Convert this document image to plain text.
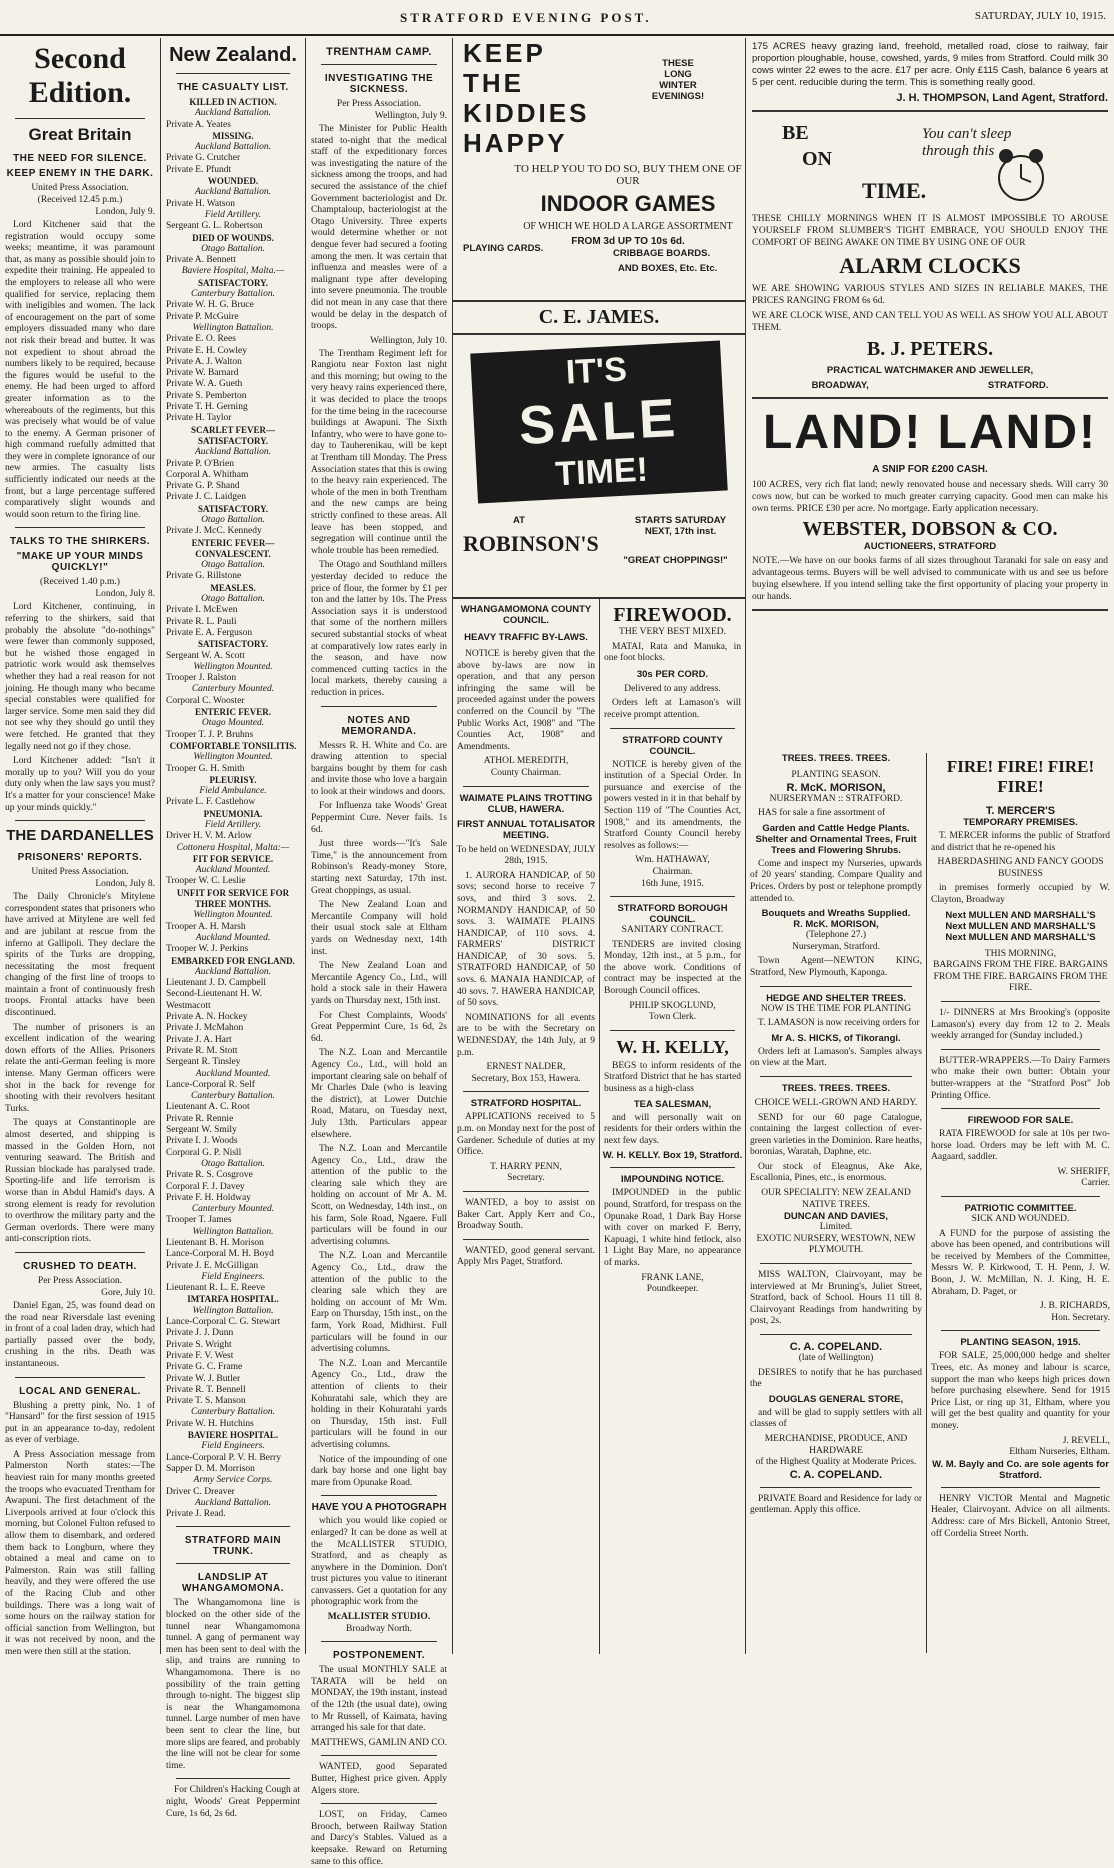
STRATFORD EVENING POST.	SATURDAY, JULY 10, 1915.
Second Edition.
Great Britain
THE NEED FOR SILENCE.
KEEP ENEMY IN THE DARK.
United Press Association.
(Received 12.45 p.m.)
London, July 9.

Lord Kitchener said that the registration would occupy some weeks; meantime, it was paramount that, as many as possible should join to expedite their training. He appealed to the employers to release all who were qualified for service, replacing them with ineligibles and women. The lack of encouragement on the part of some employers dissuaded many who dare not risk their bread and butter. It was not expedient to shout abroad the numbers likely to be required, because the figures would be useful to the enemy. He had been urged to afford greater information as to the whereabouts of the regiments, but this was precisely what would be of value to the enemy. A German prisoner of high command ruefully admitted that they were in complete ignorance of our new armies. The casualty lists sufficiently indicated our needs at the front, but a large percentage suffered comparatively slight wounds and would soon return to the firing line.

TALKS TO THE SHIRKERS.
"MAKE UP YOUR MINDS QUICKLY!"
(Received 1.40 p.m.)
London, July 8.

Lord Kitchener, continuing, in referring to the shirkers, said that probably the absolute "do-nothings" were fewer than commonly supposed, but he wished those engaged in patriotic work would ask themselves whether they had a real reason for not joining. He though many who became special constables were qualified for larger service. Some men said they did not see why they should go until they were fetched. He granted that they legally need not go if they chose.

Lord Kitchener added: "Isn't it morally up to you? Will you do your duty only when the law says you must? It's a matter for your conscience! Make up your minds quickly."

THE DARDANELLES
PRISONERS' REPORTS.
United Press Association.
London, July 8.

The Daily Chronicle's Mitylene correspondent states that prisoners who have arrived at Mitylene are well fed and are jubilant at rescue from the inferno at Gallipoli. They declare the spirits of the Turks are dropping, necessitating the most frequent changing of the first line of troops to maintain a front of continuously fresh troops. Frontal attacks have been discontinued.

The number of prisoners is an excellent indication of the wearing down efforts of the Allies. Prisoners relate the anti-German feeling is more intense. Many German officers were shot in the back for revenge for shooting with their revolvers hesitant Turks.

The quays at Constantinople are almost deserted, and shipping is massed in the Golden Horn, not venturing seaward. The British and Russian blockade has paralysed trade. Sporting-life and life terrorism is worse than in Abdul Hamid's days. A strong element is ready for revolution to overthrow the military party and the German overlords. There were many anti-conscription riots.

CRUSHED TO DEATH.
Per Press Association.
Gore, July 10.

Daniel Egan, 25, was found dead on the road near Riversdale last evening in front of a coal laden dray, which had partially passed over the body, crushing in the ribs. Death was instantaneous.

LOCAL AND GENERAL.

Blushing a pretty pink, No. 1 of "Hansard" for the first session of 1915 put in an appearance to-day, redolent as ever of verbiage.

A Press Association message from Palmerston North states:—The heaviest rain for many months greeted the troops who evacuated Trentham for Awapuni. The first detachment of the Liverpools arrived at four o'clock this morning, but Colonel Fulton refused to allow them to disembark, and ordered them back to Longburn, where they obtained a meal and came on to Palmerston. Rain was still falling heavily, and they were offered the use of the Racing Club and other buildings. There was a long wait of some hours on the railway station for official sanction from Wellington, but it was not received by noon, and the men were then still at the station.

New Zealand.
THE CASUALTY LIST.
KILLED IN ACTION.
Auckland Battalion.
Private A. Yeates
MISSING.
Auckland Battalion.
Private G. Crutcher
Private E. Pfundt
WOUNDED.
Auckland Battalion.
Private H. Watson
Field Artillery.
Sergeant G. L. Robertson
DIED OF WOUNDS.
Otago Battalion.
Private A. Bennett
Baviere Hospital, Malta.—
SATISFACTORY.
Canterbury Battalion.
Private W. H. G. Bruce
Private P. McGuire
Wellington Battalion.
Private E. O. Rees
Private E. H. Cowley
Private A. J. Walton
Private W. Barnard
Private W. A. Gueth
Private S. Pemberton
Private T. H. Gerning
Private H. Taylor
SCARLET FEVER—SATISFACTORY.
Auckland Battalion.
Private P. O'Brien
Corporal A. Whitham
Private G. P. Shand
Private J. C. Laidgen
SATISFACTORY.
Otago Battalion.
Private J. McC. Kennedy
ENTERIC FEVER—CONVALESCENT.
Otago Battalion.
Private G. Rillstone
MEASLES.
Otago Battalion.
Private I. McEwen
Private R. L. Pauli
Private E. A. Ferguson
SATISFACTORY.
Sergeant W. A. Scott
Wellington Mounted.
Trooper J. Ralston
Canterbury Mounted.
Corporal C. Wooster
ENTERIC FEVER.
Otago Mounted.
Trooper T. J. P. Bruhns
COMFORTABLE TONSILITIS.
Wellington Mounted.
Trooper G. H. Smith
PLEURISY.
Field Ambulance.
Private L. F. Castlehow
PNEUMONIA.
Field Artillery.
Driver H. V. M. Arlow
Cottonera Hospital, Malta:—
FIT FOR SERVICE.
Auckland Mounted.
Trooper W. C. Leslie
UNFIT FOR SERVICE FOR THREE MONTHS.
Wellington Mounted.
Trooper A. H. Marsh
Auckland Mounted.
Trooper W. J. Perkins
EMBARKED FOR ENGLAND.
Auckland Battalion.
Lieutenant J. D. Campbell
Second-Lieutenant H. W. Westmacott
Private A. N. Hockey
Private J. McMahon
Private J. A. Hart
Private R. M. Stott
Sergeant R. Tinsley
Auckland Mounted.
Lance-Corporal R. Self
Canterbury Battalion.
Lieutenant A. C. Root
Private R. Rennie
Sergeant W. Smily
Private I. J. Woods
Corporal G. P. Nisll
Otago Battalion.
Private R. S. Cosgrove
Corporal F. J. Davey
Private F. H. Holdway
Canterbury Mounted.
Trooper T. James
Wellington Battalion.
Lieutenant B. H. Morison
Lance-Corporal M. H. Boyd
Private J. E. McGilligan
Field Engineers.
Lieutenant R. L. E. Reeve
IMTARFA HOSPITAL.
Wellington Battalion.
Lance-Corporal C. G. Stewart
Private J. J. Dunn
Private S. Wright
Private F. V. West
Private G. C. Frame
Private W. J. Butler
Private R. T. Bennell
Private T. S. Manson
Canterbury Battalion.
Private W. H. Hutchins
BAVIERE HOSPITAL.
Field Engineers.
Lance-Corporal P. V. H. Berry
Sapper D. M. Morrison
Army Service Corps.
Driver C. Dreaver
Auckland Battalion.
Private J. Read.
STRATFORD MAIN TRUNK.
LANDSLIP AT WHANGAMOMONA.

The Whangamomona line is blocked on the other side of the tunnel near Whangamomona tunnel. A gang of permanent way men has been sent to deal with the slip, and trains are running to Whangamomona. There is no possibility of the train getting through to-night. The biggest slip is near the Whangamomona tunnel. Large number of men have been sent to clear the line, but more slips are feared, and probably the line will not be clear for some time.

For Children's Hacking Cough at night, Woods' Great Peppermint Cure, 1s 6d, 2s 6d.

TRENTHAM CAMP.
INVESTIGATING THE SICKNESS.
Per Press Association.
Wellington, July 9.

The Minister for Public Health stated to-night that the medical staff of the expeditionary forces was investigating the nature of the sickness among the troops, and had secured the assistance of the chief Government bacteriologist and Dr. Champtaloup, bacteriologist at the Otago University. Three experts would determine whether or not dengue fever had secured a footing among the men. It was certain that influenza and measles were of a malignant type after developing into severe pneumonia. The trouble did not mean in any case that there would be delay in the despatch of troops.

Wellington, July 10.

The Trentham Regiment left for Rangiotu near Foxton last night and this morning; but owing to the very heavy rains experienced there, it was decided to place the troops for the time being in the racecourse buildings at Awapuni. The Sixth Infantry, who were to have gone to-day to Tauherenikau, will be kept at Trentham till Monday. The Press Association states that this is owing to the heavy rain experienced. The whole of the men in both Trentham and the new camps are being strictly confined to these areas. All leave has been stopped, and segregation will continue until the whole trouble has been remedied.

The Otago and Southland millers yesterday decided to reduce the price of flour, the former by £1 per ton and the latter by 10s. The Press Association says it is understood that some of the northern millers secured substantial stocks of wheat at comparatively low rates early in the season, and have now commenced cutting tactics in the local markets, thereby causing a reduction in prices.

NOTES AND MEMORANDA.

Messrs R. H. White and Co. are drawing attention to special bargains bought by them for cash and invite those who love a bargain to look at their windows and doors.

For Influenza take Woods' Great Peppermint Cure. Never fails. 1s 6d.

Just three words—"It's Sale Time," is the announcement from Robinson's Ready-money Store, starting next Saturday, 17th inst. Great choppings, as usual.

The New Zealand Loan and Mercantile Company will hold their usual stock sale at Eltham yards on Wednesday next, 14th inst.

The New Zealand Loan and Mercantile Agency Co., Ltd., will hold a stock sale in their Hawera yards on Thursday next, 15th inst.

For Chest Complaints, Woods' Great Peppermint Cure, 1s 6d, 2s 6d.

The N.Z. Loan and Mercantile Agency Co., Ltd., will hold an important clearing sale on behalf of Mr Charles Dale (who is leaving the district), at Lower Dutchie Road, Mataru, on Tuesday next, July 13th. Particulars appear elsewhere.

The N.Z. Loan and Mercantile Agency Co., Ltd., draw the attention of the public to the clearing sale which they are holding on account of Mr A. M. Scott, on Wednesday, 14th inst., on his farm, Sole Road, Ngaere. Full particulars will be found in our advertising columns.

The N.Z. Loan and Mercantile Agency Co., Ltd., draw the attention of the public to the clearing sale which they are holding on account of Mr Wm. Earp on Thursday, 15th inst., on the farm, York Road, Midhirst. Full particulars will be found in our advertising columns.

The N.Z. Loan and Mercantile Agency Co., Ltd., draw the attention of clients to their Kohuratahi sale, which they are holding in their Kohuratahi yards on Thursday, 15th inst. Full particulars will be found in our advertising columns.

Notice of the impounding of one dark bay horse and one light bay mare from Opunake Road.

HAVE YOU A PHOTOGRAPH

which you would like copied or enlarged? It can be done as well at the McALLISTER STUDIO, Stratford, and as cheaply as anywhere in the Dominion. Don't trust pictures you value to itinerant canvassers. Get a quotation for any photographic work from the

McALLISTER STUDIO.
Broadway North.
POSTPONEMENT.

The usual MONTHLY SALE at TARATA will be held on MONDAY, the 19th instant, instead of the 12th (the usual date), owing to Mr Russell, of Kaimata, having arranged his sale for that date.

MATTHEWS, GAMLIN AND CO.

WANTED, good Separated Butter, Highest price given. Apply Algers store.

LOST, on Friday, Cameo Brooch, between Railway Station and Darcy's Stables. Valued as a keepsake. Reward on Returning same to this office.

KEEP
THE
KIDDIES
HAPPY
THESE
LONG
WINTER
EVENINGS!
TO HELP YOU TO DO SO, BUY THEM ONE OF OUR
INDOOR GAMES
OF WHICH WE HOLD A LARGE ASSORTMENT
FROM 3d UP TO 10s 6d.
PLAYING CARDS.	CRIBBAGE BOARDS.
AND BOXES, Etc. Etc.
C. E. JAMES.
IT'S
SALE
TIME!
AT
ROBINSON'S
STARTS SATURDAY NEXT, 17th inst.
"GREAT CHOPPINGS!"
WHANGAMOMONA COUNTY COUNCIL.
HEAVY TRAFFIC BY-LAWS.

NOTICE is hereby given that the above by-laws are now in operation, and that any person infringing the same will be proceeded against under the powers conferred on the Council by "The Public Works Act, 1908" and "The Counties Act, 1908" and Amendments.

ATHOL MEREDITH,
County Chairman.
WAIMATE PLAINS TROTTING CLUB, HAWERA.
FIRST ANNUAL TOTALISATOR MEETING.
To be held on WEDNESDAY, JULY 28th, 1915.

1. AURORA HANDICAP, of 50 sovs; second horse to receive 7 sovs, and third 3 sovs. 2. NORMANDY HANDICAP, of 50 sovs. 3. WAIMATE PLAINS HANDICAP, of 110 sovs. 4. FARMERS' DISTRICT HANDICAP, of 30 sovs. 5. STRATFORD HANDICAP, of 50 sovs. 6. MANAIA HANDICAP, of 40 sovs. 7. HAWERA HANDICAP, of 50 sovs.

NOMINATIONS for all events are to be with the Secretary on WEDNESDAY, the 14th July, at 9 p.m.

ERNEST NALDER,
Secretary, Box 153, Hawera.
STRATFORD HOSPITAL.

APPLICATIONS received to 5 p.m. on Monday next for the post of Gardener. Schedule of duties at my Office.

T. HARRY PENN,
Secretary.

WANTED, a boy to assist on Baker Cart. Apply Kerr and Co., Broadway South.

WANTED, good general servant. Apply Mrs Paget, Stratford.

FIREWOOD.
THE VERY BEST MIXED.

MATAI, Rata and Manuka, in one foot blocks.

30s PER CORD.
Delivered to any address.

Orders left at Lamason's will receive prompt attention.

STRATFORD COUNTY COUNCIL.

NOTICE is hereby given of the institution of a Special Order. In pursuance and exercise of the powers vested in it in that behalf by Section 119 of "The Counties Act, 1908," and its amendments, the Stratford County Council hereby resolves as follows:—

Wm. HATHAWAY,
Chairman.
16th June, 1915.
STRATFORD BOROUGH COUNCIL.
SANITARY CONTRACT.

TENDERS are invited closing Monday, 12th inst., at 5 p.m., for the above work. Conditions of contract may be inspected at the Borough Council offices.

PHILIP SKOGLUND,
Town Clerk.
W. H. KELLY,

BEGS to inform residents of the Stratford District that he has started business as a high-class

TEA SALESMAN,

and will personally wait on residents for their orders within the next few days.

W. H. KELLY. Box 19, Stratford.
IMPOUNDING NOTICE.

IMPOUNDED in the public pound, Stratford, for trespass on the Opunake Road, 1 Dark Bay Horse with cover on marked F. Berry, Kapuagi, 1 white hind fetlock, also 1 Light Bay Mare, no appearance of marks.

FRANK LANE,
Poundkeeper.

175 ACRES heavy grazing land, freehold, metalled road, close to railway, fair proportion ploughable, house, cowshed, yards, 9 miles from Stratford. Could milk 30 cows winter 22 ewes to the acre. £17 per acre. Only £115 Cash, balance 6 years at 5 per cent. reducible during the term. This is something really good.

J. H. THOMPSON, Land Agent, Stratford.
BE
ON
TIME.
You can't sleep through this

THESE CHILLY MORNINGS WHEN IT IS ALMOST IMPOSSIBLE TO AROUSE YOURSELF FROM SLUMBER'S TIGHT EMBRACE, YOU SHOULD ENJOY THE COMFORT OF BEING AWAKE ON TIME BY USING ONE OF OUR

ALARM CLOCKS

WE ARE SHOWING VARIOUS STYLES AND SIZES IN RELIABLE MAKES, THE PRICES RANGING FROM 6s 6d.

WE ARE CLOCK WISE, AND CAN TELL YOU AS WELL AS SHOW YOU ALL ABOUT THEM.

B. J. PETERS.
PRACTICAL WATCHMAKER AND JEWELLER,
BROADWAY,	STRATFORD.
LAND! LAND!
A SNIP FOR £200 CASH.

100 ACRES, very rich flat land; newly renovated house and necessary sheds. Will carry 30 cows now, but can be worked to much greater carrying capacity. Good men can make his own terms. PRICE £30 per acre. No mortgage. Early application necessary.

WEBSTER, DOBSON & CO.
AUCTIONEERS, STRATFORD

NOTE.—We have on our books farms of all sizes throughout Taranaki for sale on easy and advantageous terms. Buyers will be well advised to communicate with us and see us before buying elsewhere. If you intend selling take the first opportunity of placing your property in our hands.

TREES. TREES. TREES.
PLANTING SEASON.
R. McK. MORISON,
NURSERYMAN :: STRATFORD.

HAS for sale a fine assortment of

Garden and Cattle Hedge Plants. Shelter and Ornamental Trees, Fruit Trees and Flowering Shrubs.

Come and inspect my Nurseries, upwards of 20 years' standing. Compare Quality and Prices. Orders by post or telephone promptly attended to.

Bouquets and Wreaths Supplied.
R. McK. MORISON,
(Telephone 27.)
Nurseryman, Stratford.

Town Agent—NEWTON KING, Stratford, New Plymouth, Kaponga.

HEDGE AND SHELTER TREES.
NOW IS THE TIME FOR PLANTING

T. LAMASON is now receiving orders for

Mr A. S. HICKS, of Tikorangi.

Orders left at Lamason's. Samples always on view at the Mart.

TREES. TREES. TREES.
CHOICE WELL-GROWN AND HARDY.

SEND for our 60 page Catalogue, containing the largest collection of ever-green varieties in the Dominion. Rare heaths, boronias, Waratah, Daphne, etc.

Our stock of Eleagnus, Ake Ake, Escallonia, Pines, etc., is enormous.

OUR SPECIALITY: NEW ZEALAND NATIVE TREES.
DUNCAN AND DAVIES,
Limited.
EXOTIC NURSERY, WESTOWN, NEW PLYMOUTH.

MISS WALTON, Clairvoyant, may be interviewed at Mr Bruning's, Juliet Street, Stratford, back of School. Hours 11 till 8. Clairvoyant Readings from handwriting by post, 2s.

C. A. COPELAND.
(late of Wellington)

DESIRES to notify that he has purchased the

DOUGLAS GENERAL STORE,

and will be glad to supply settlers with all classes of

MERCHANDISE, PRODUCE, AND HARDWARE
of the Highest Quality at Moderate Prices.
C. A. COPELAND.

PRIVATE Board and Residence for lady or gentleman. Apply this office.

FIRE! FIRE! FIRE! FIRE!
T. MERCER'S
TEMPORARY PREMISES.

T. MERCER informs the public of Stratford and district that he re-opened his

HABERDASHING AND FANCY GOODS BUSINESS

in premises formerly occupied by W. Clayton, Broadway

Next MULLEN AND MARSHALL'S
Next MULLEN AND MARSHALL'S
Next MULLEN AND MARSHALL'S
THIS MORNING,
BARGAINS FROM THE FIRE. BARGAINS FROM THE FIRE. BARGAINS FROM THE FIRE.

1/- DINNERS at Mrs Brooking's (opposite Lamason's) every day from 12 to 2. Meals weekly arranged for (Sunday included.)

BUTTER-WRAPPERS.—To Dairy Farmers who make their own butter: Obtain your butter-wrappers at the "Stratford Post" Job Printing Office.

FIREWOOD FOR SALE.

RATA FIREWOOD for sale at 10s per two-horse load. Orders may be left with M. C. Aagaard, saddler.

W. SHERIFF,
Carrier.
PATRIOTIC COMMITTEE.
SICK AND WOUNDED.

A FUND for the purpose of assisting the above has been opened, and contributions will be received by Members of the Committee, Messrs W. P. Kirkwood, T. H. Penn, J. W. Boon, J. W. McMillan, N. J. King, H. E. Abraham, D. Paget, or

J. B. RICHARDS,
Hon. Secretary.
PLANTING SEASON, 1915.

FOR SALE, 25,000,000 hedge and shelter Trees, etc. As money and labour is scarce, support the man who keeps high prices down before purchasing elsewhere. Send for 1915 Price List, or ring up 31, Eltham, where you will get the best quality and quantity for your money.

J. REVELL,
Eltham Nurseries, Eltham.
W. M. Bayly and Co. are sole agents for Stratford.

HENRY VICTOR Mental and Magnetic Healer, Clairvoyant. Advice on all ailments. Address: care of Mrs Bickell, Antonio Street, off Cordelia Street North.
